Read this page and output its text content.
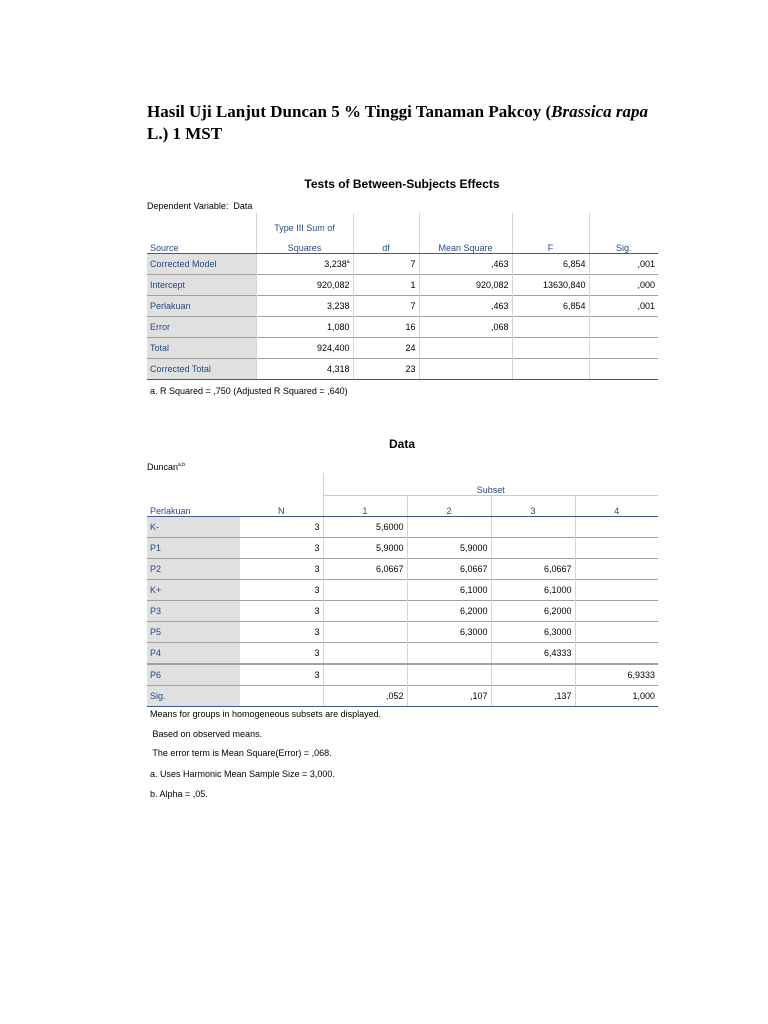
Hasil Uji Lanjut Duncan 5 % Tinggi Tanaman Pakcoy (Brassica rapa L.) 1 MST
Tests of Between-Subjects Effects
Dependent Variable: Data
	Type III Sum of				
Source	Squares	df	Mean Square	F	Sig.
Corrected Model	3,238$^a$	7	,463	6,854	,001
Intercept	920,082	1	920,082	13630,840	,000
Perlakuan	3,238	7	,463	6,854	,001
Error	1,080	16	,068		
Total	924,400	24			
Corrected Total	4,318	23			
a. R Squared = ,750 (Adjusted R Squared = ,640)
Data
Duncan$^{a,b}$
		Subset			
Perlakuan	N	1	2	3	4
K-	3	5,6000			
P1	3	5,9000	5,9000		
P2	3	6,0667	6,0667	6,0667	
K+	3		6,1000	6,1000	
P3	3		6,2000	6,2000	
P5	3		6,3000	6,3000	
P4	3			6,4333	
P6	3				6,9333
Sig.		,052	,107	,137	1,000
Means for groups in homogeneous subsets are displayed.
Based on observed means.
The error term is Mean Square(Error) = ,068.
a. Uses Harmonic Mean Sample Size = 3,000.
b. Alpha = ,05.
